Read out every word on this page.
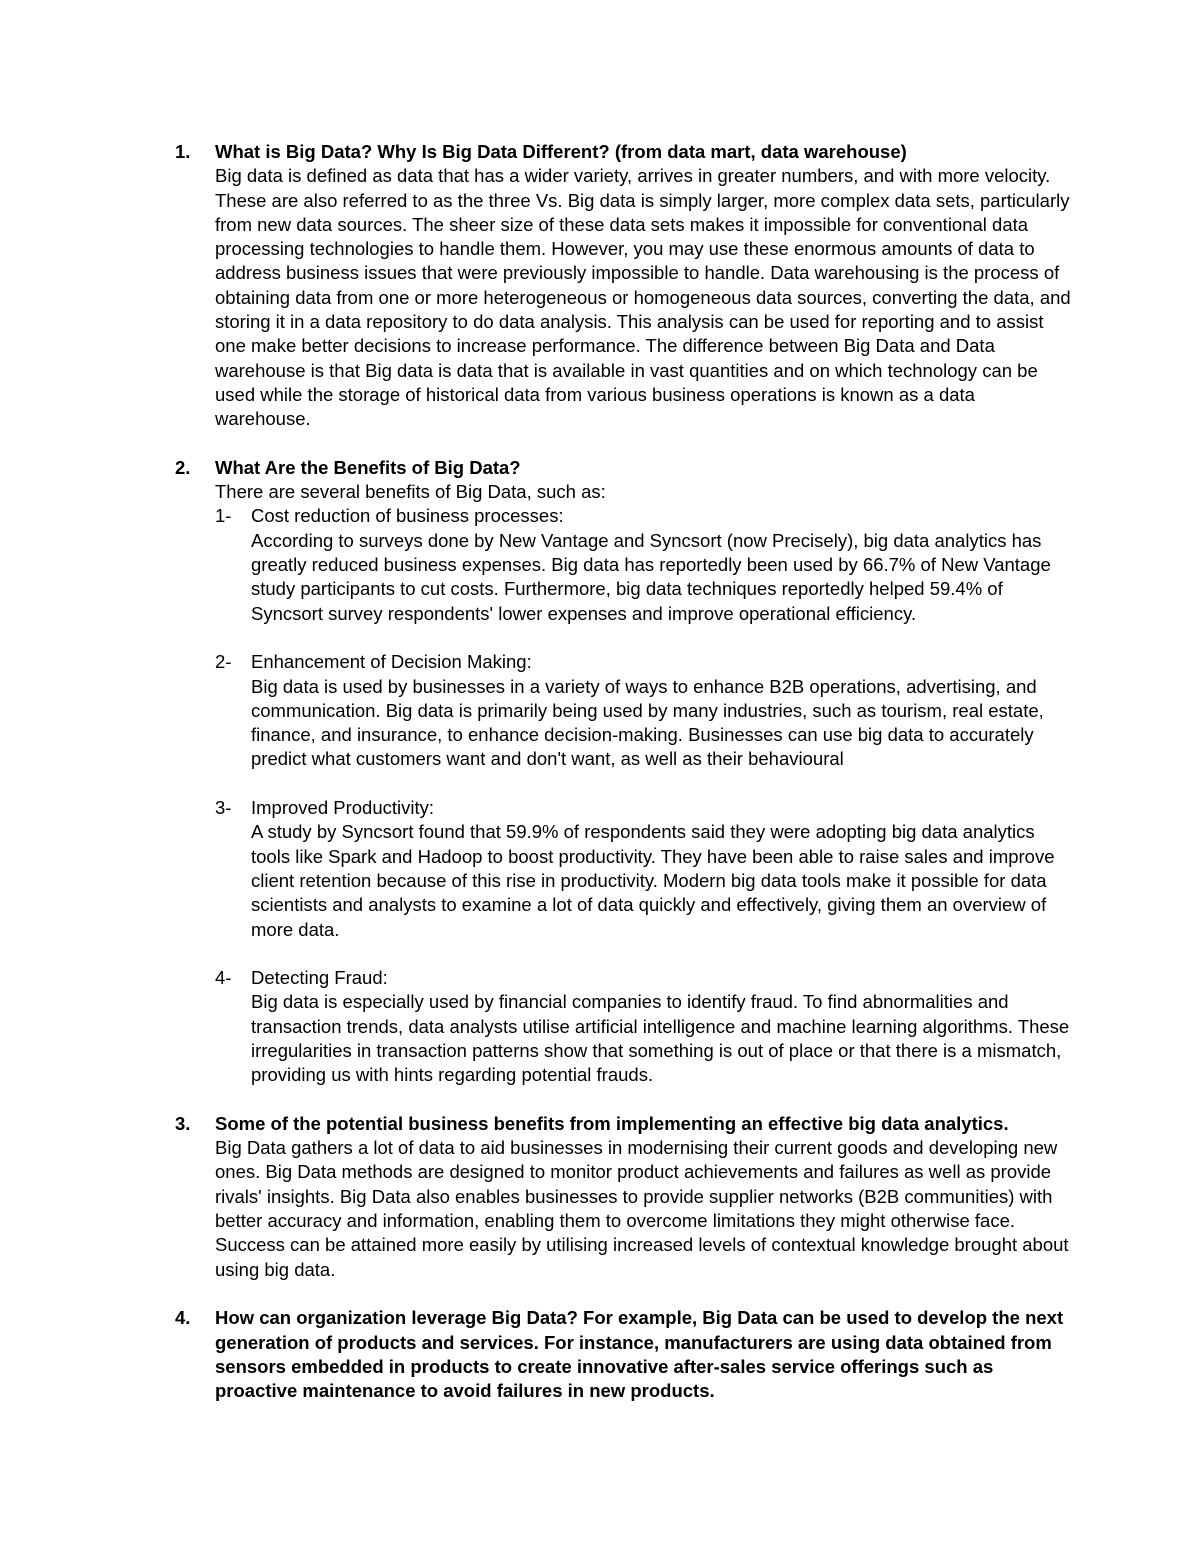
1. What is Big Data? Why Is Big Data Different? (from data mart, data warehouse)

Big data is defined as data that has a wider variety, arrives in greater numbers, and with more velocity. These are also referred to as the three Vs. Big data is simply larger, more complex data sets, particularly from new data sources. The sheer size of these data sets makes it impossible for conventional data processing technologies to handle them. However, you may use these enormous amounts of data to address business issues that were previously impossible to handle. Data warehousing is the process of obtaining data from one or more heterogeneous or homogeneous data sources, converting the data, and storing it in a data repository to do data analysis. This analysis can be used for reporting and to assist one make better decisions to increase performance. The difference between Big Data and Data warehouse is that Big data is data that is available in vast quantities and on which technology can be used while the storage of historical data from various business operations is known as a data warehouse.

2. What Are the Benefits of Big Data?

There are several benefits of Big Data, such as:

1- Cost reduction of business processes:

According to surveys done by New Vantage and Syncsort (now Precisely), big data analytics has greatly reduced business expenses. Big data has reportedly been used by 66.7% of New Vantage study participants to cut costs. Furthermore, big data techniques reportedly helped 59.4% of Syncsort survey respondents' lower expenses and improve operational efficiency.

2- Enhancement of Decision Making:

Big data is used by businesses in a variety of ways to enhance B2B operations, advertising, and communication. Big data is primarily being used by many industries, such as tourism, real estate, finance, and insurance, to enhance decision-making. Businesses can use big data to accurately predict what customers want and don't want, as well as their behavioural

3- Improved Productivity:

A study by Syncsort found that 59.9% of respondents said they were adopting big data analytics tools like Spark and Hadoop to boost productivity. They have been able to raise sales and improve client retention because of this rise in productivity. Modern big data tools make it possible for data scientists and analysts to examine a lot of data quickly and effectively, giving them an overview of more data.

4- Detecting Fraud:

Big data is especially used by financial companies to identify fraud. To find abnormalities and transaction trends, data analysts utilise artificial intelligence and machine learning algorithms. These irregularities in transaction patterns show that something is out of place or that there is a mismatch, providing us with hints regarding potential frauds.

3. Some of the potential business benefits from implementing an effective big data analytics.

Big Data gathers a lot of data to aid businesses in modernising their current goods and developing new ones. Big Data methods are designed to monitor product achievements and failures as well as provide rivals' insights. Big Data also enables businesses to provide supplier networks (B2B communities) with better accuracy and information, enabling them to overcome limitations they might otherwise face. Success can be attained more easily by utilising increased levels of contextual knowledge brought about using big data.

4. How can organization leverage Big Data? For example, Big Data can be used to develop the next generation of products and services. For instance, manufacturers are using data obtained from sensors embedded in products to create innovative after-sales service offerings such as proactive maintenance to avoid failures in new products.
